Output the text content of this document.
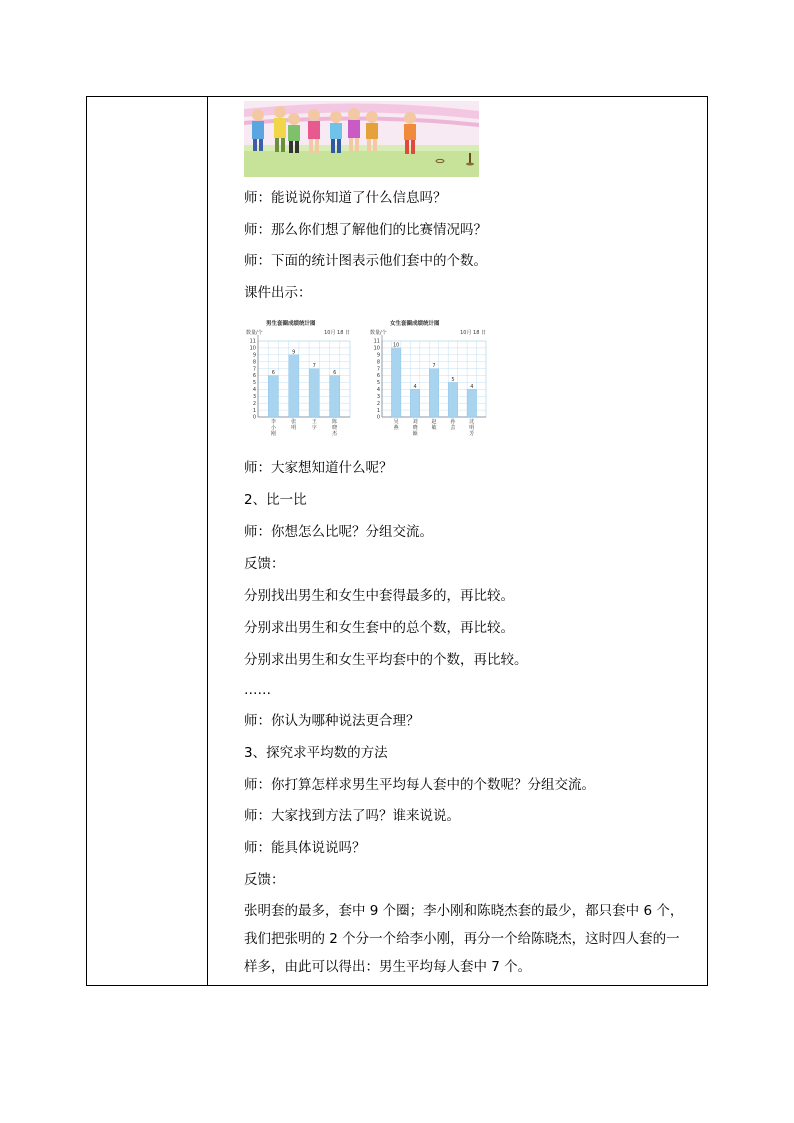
师：能说说你知道了什么信息吗？
师：那么你们想了解他们的比赛情况吗？
师：下面的统计图表示他们套中的个数。
课件出示：
0
1
2
3
4
5
6
7
8
9
10
11
男生套圈成绩统计图
数量/个	10月 18 日
6
李小刚
9
张明
7
王宇
6
陈晓杰
0
1
2
3
4
5
6
7
8
9
10
11
女生套圈成绩统计图
数量/个	10月 18 日
10
吴燕
4
刘晓颖
7
赵敏
5
孙芸
4
沈明芳
师：大家想知道什么呢？
2、比一比
师：你想怎么比呢？分组交流。
反馈：
分别找出男生和女生中套得最多的，再比较。
分别求出男生和女生套中的总个数，再比较。
分别求出男生和女生平均套中的个数，再比较。
……
师：你认为哪种说法更合理？
3、探究求平均数的方法
师：你打算怎样求男生平均每人套中的个数呢？分组交流。
师：大家找到方法了吗？谁来说说。
师：能具体说说吗？
反馈：
张明套的最多，套中 9 个圈；李小刚和陈晓杰套的最少，都只套中 6 个，我们把张明的 2 个分一个给李小刚，再分一个给陈晓杰，这时四人套的一样多，由此可以得出：男生平均每人套中 7 个。
